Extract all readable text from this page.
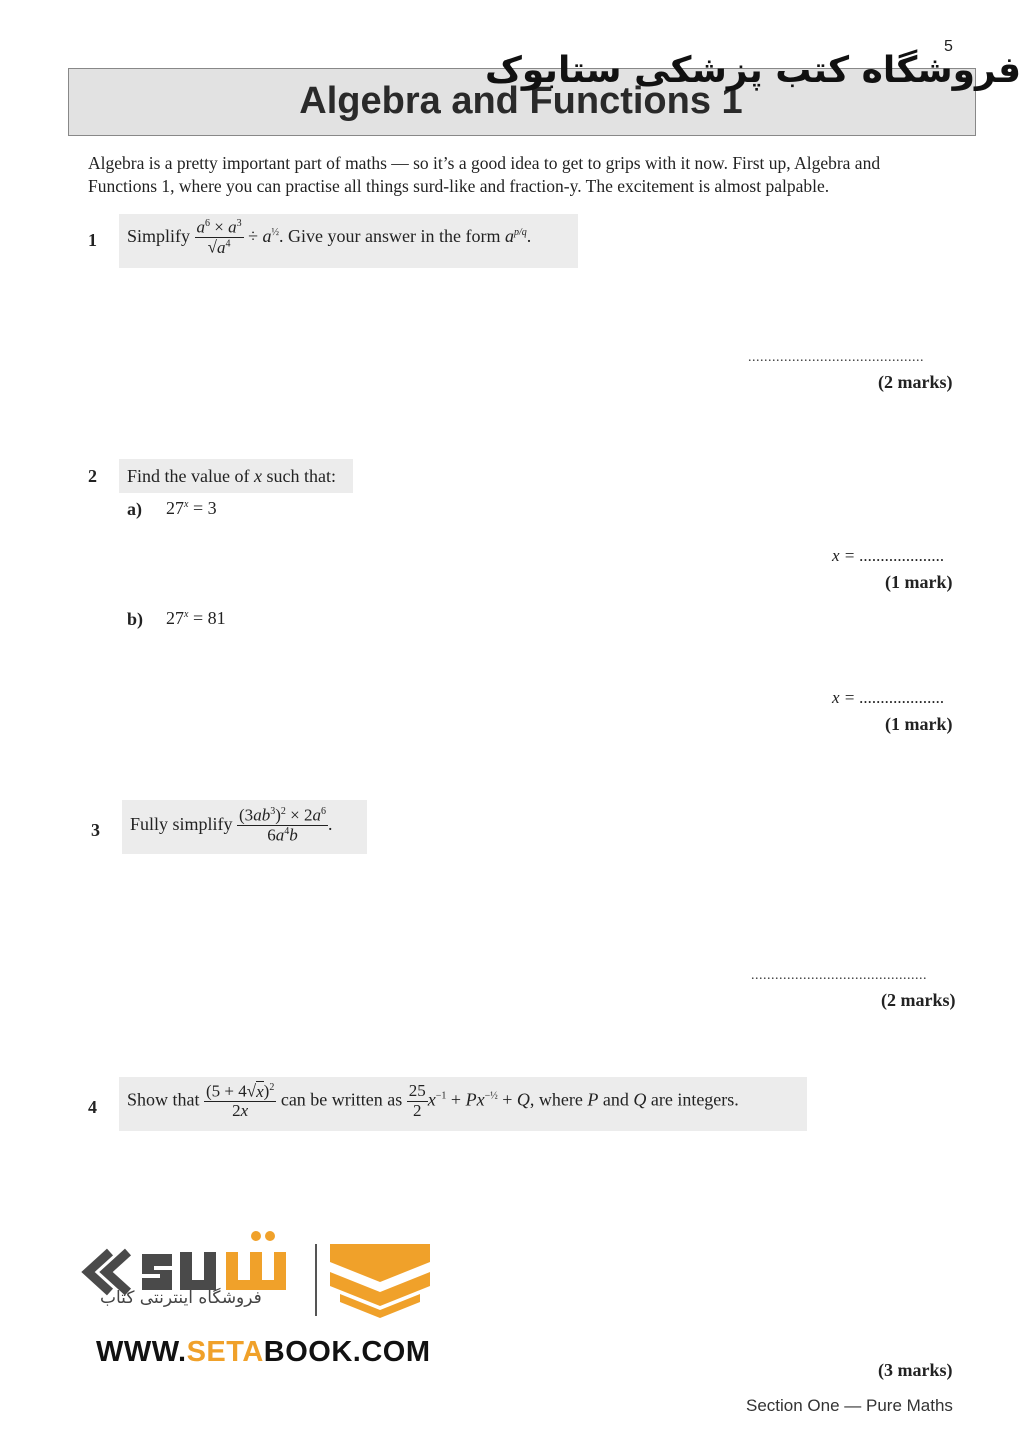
5
Algebra and Functions 1
فروشگاه کتب پزشکی ستابوک
Algebra is a pretty important part of maths — so it’s a good idea to get to grips with it now. First up, Algebra and Functions 1, where you can practise all things surd-like and fraction-y. The excitement is almost palpable.
1 Simplify $\frac{a^6 \times a^3}{√a^4} \div a^{\frac{1}{2}}$. Give your answer in the form $a^{p/q}$.
............................................
(2 marks)
2 Find the value of x such that:
a) $27^x = 3$
x = ....................
(1 mark)
b) $27^x = 81$
x = ....................
(1 mark)
3 Fully simplify $\frac{(3ab^3)^2 \times 2a^6}{6a^4b}$ .
............................................
(2 marks)
4 Show that $\frac{(5 + 4√x)^2}{2x}$ can be written as $\frac{25}{2} x^{-1} + Px^{-\frac{1}{2}} + Q$, where P and Q are integers.
(3 marks)
فروشگاه اینترنتی کتاب
WWW.SETABOOK.COM
Section One — Pure Maths
